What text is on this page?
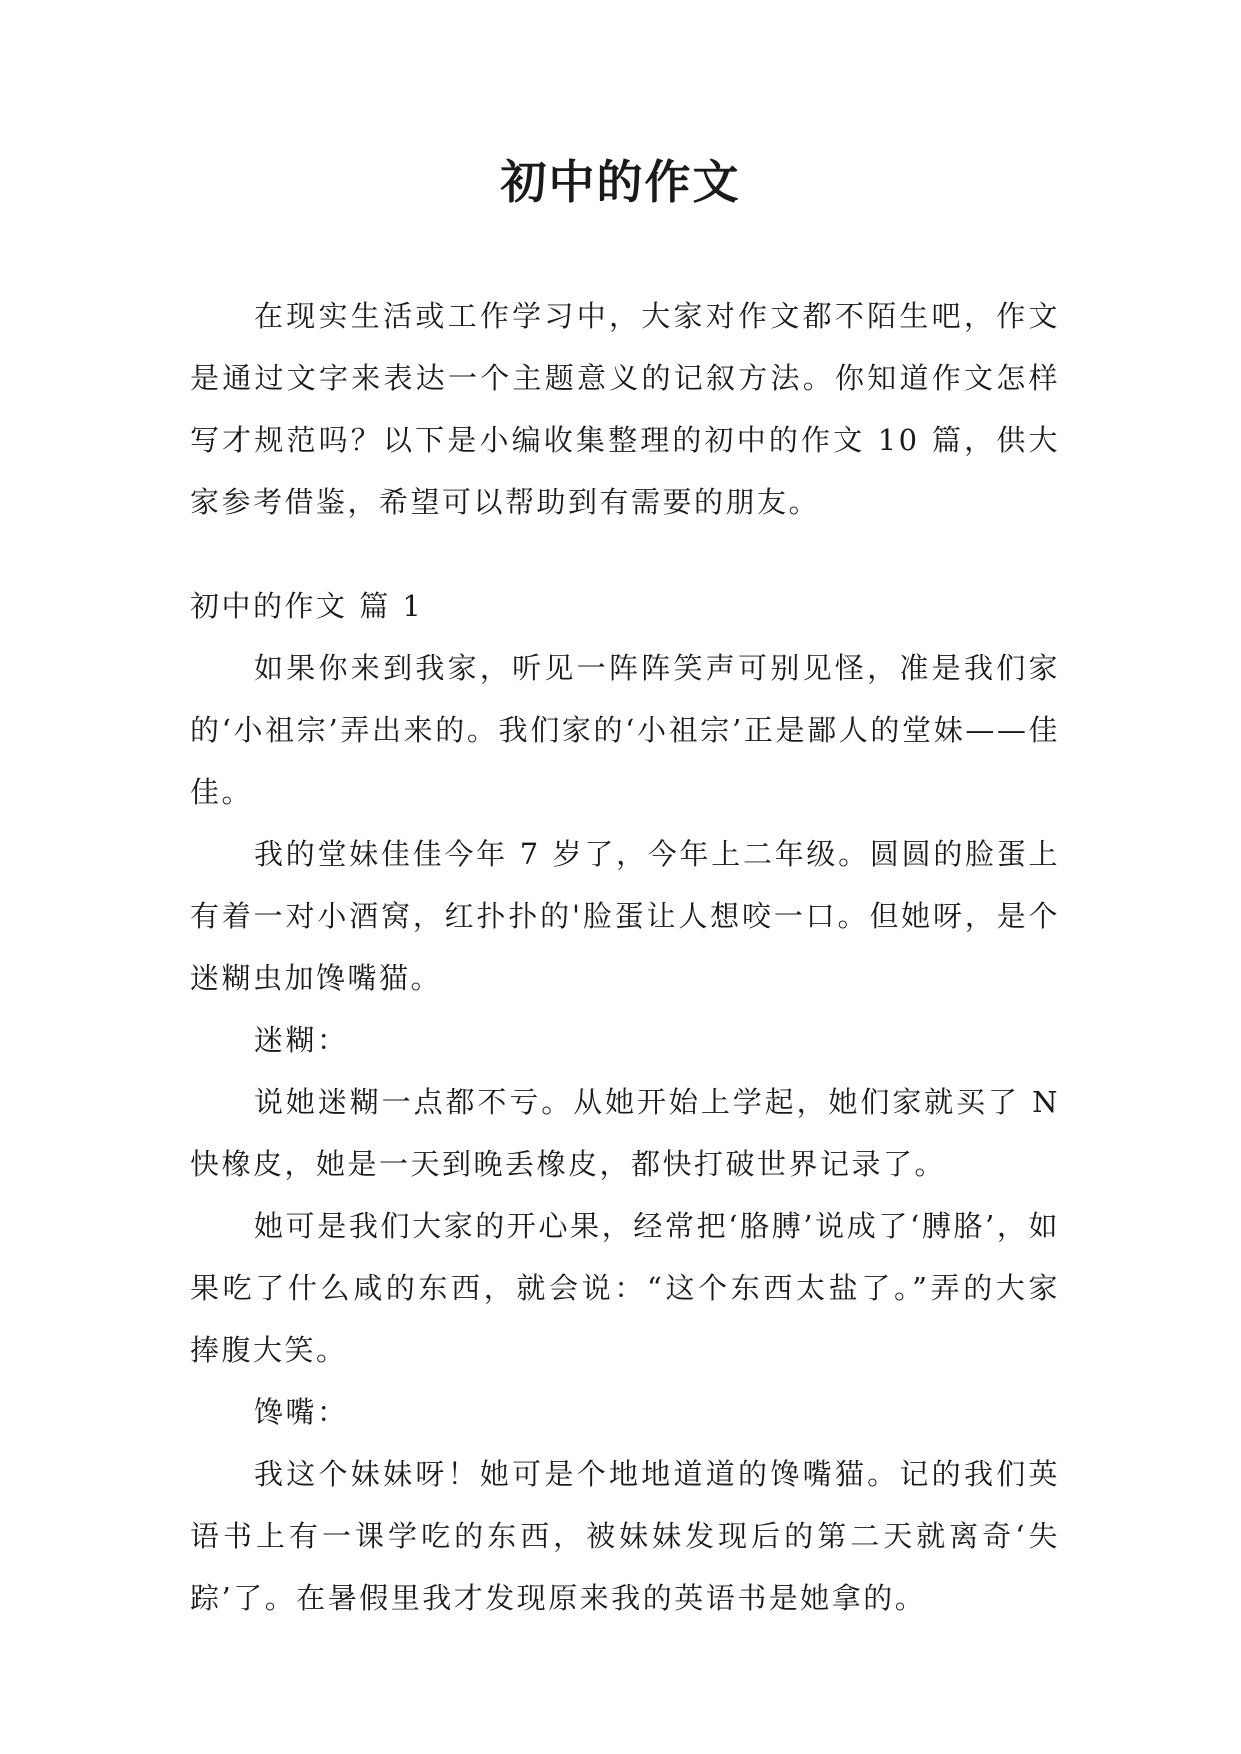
初中的作文

在现实生活或工作学习中，大家对作文都不陌生吧，作文是通过文字来表达一个主题意义的记叙方法。你知道作文怎样写才规范吗？以下是小编收集整理的初中的作文 10 篇，供大家参考借鉴，希望可以帮助到有需要的朋友。

初中的作文 篇 1

如果你来到我家，听见一阵阵笑声可别见怪，准是我们家的‘小祖宗’弄出来的。我们家的‘小祖宗’正是鄙人的堂妹——佳佳。

我的堂妹佳佳今年 7 岁了，今年上二年级。圆圆的脸蛋上有着一对小酒窝，红扑扑的'脸蛋让人想咬一口。但她呀，是个迷糊虫加馋嘴猫。

迷糊：

说她迷糊一点都不亏。从她开始上学起，她们家就买了 N 快橡皮，她是一天到晚丢橡皮，都快打破世界记录了。

她可是我们大家的开心果，经常把‘胳膊’说成了‘膊胳’，如果吃了什么咸的东西，就会说：“这个东西太盐了。”弄的大家捧腹大笑。

馋嘴：

我这个妹妹呀！她可是个地地道道的馋嘴猫。记的我们英语书上有一课学吃的东西，被妹妹发现后的第二天就离奇‘失踪’了。在暑假里我才发现原来我的英语书是她拿的。
